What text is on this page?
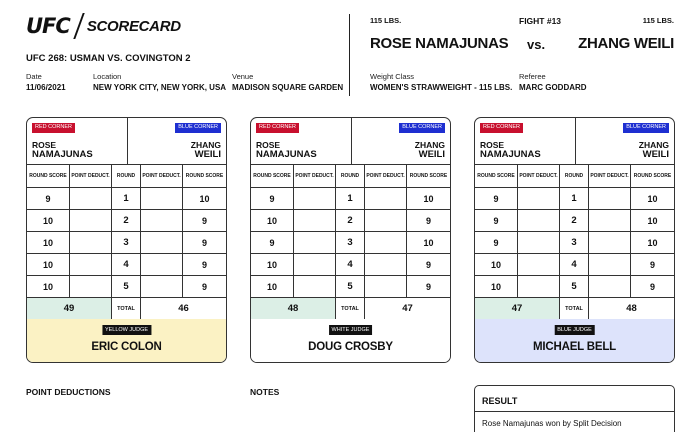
UFC SCORECARD
UFC 268: USMAN VS. COVINGTON 2
Date
11/06/2021
Location
NEW YORK CITY, NEW YORK, USA
Venue
MADISON SQUARE GARDEN
115 LBS.	FIGHT #13	115 LBS.
ROSE NAMAJUNAS vs. ZHANG WEILI
Weight Class
WOMEN'S STRAWWEIGHT - 115 LBS.
Referee
MARC GODDARD
RED CORNER	BLUE CORNER
ROSE
NAMAJUNAS
ZHANG
WEILI
ROUND SCORE POINT DEDUCT.	ROUND	POINT DEDUCT.	ROUND SCORE
9	1	10
10	2	9
10	3	9
10	4	9
10	5	9
49	TOTAL	46
YELLOW JUDGE
ERIC COLON
RED CORNER	BLUE CORNER
ROSE
NAMAJUNAS
ZHANG
WEILI
ROUND SCORE POINT DEDUCT.	ROUND	POINT DEDUCT.	ROUND SCORE
9	1	10
10	2	9
9	3	10
10	4	9
10	5	9
48	TOTAL	47
WHITE JUDGE
DOUG CROSBY
RED CORNER	BLUE CORNER
ROSE
NAMAJUNAS
ZHANG
WEILI
ROUND SCORE POINT DEDUCT.	ROUND	POINT DEDUCT.	ROUND SCORE
9	1	10
9	2	10
9	3	10
10	4	9
10	5	9
47	TOTAL	48
BLUE JUDGE
MICHAEL BELL
POINT DEDUCTIONS	NOTES
RESULT
Rose Namajunas won by Split Decision
